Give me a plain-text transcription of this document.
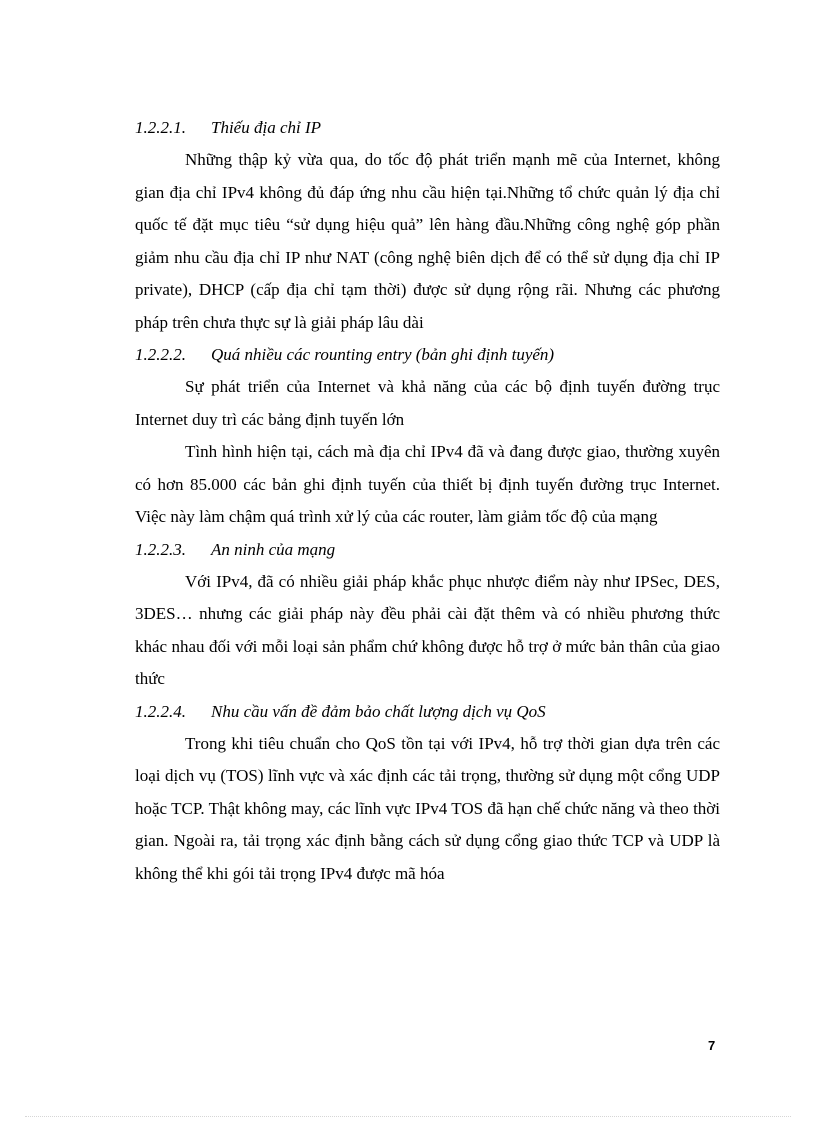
1.2.2.1. Thiếu địa chỉ IP

Những thập kỷ vừa qua, do tốc độ phát triển mạnh mẽ của Internet, không gian địa chỉ IPv4 không đủ đáp ứng nhu cầu hiện tại.Những tổ chức quản lý địa chỉ quốc tế đặt mục tiêu “sử dụng hiệu quả” lên hàng đầu.Những công nghệ góp phần giảm nhu cầu địa chỉ IP như NAT (công nghệ biên dịch để có thể sử dụng địa chỉ IP private), DHCP (cấp địa chỉ tạm thời) được sử dụng rộng rãi. Nhưng các phương pháp trên chưa thực sự là giải pháp lâu dài

1.2.2.2. Quá nhiều các rounting entry (bản ghi định tuyến)

Sự phát triển của Internet và khả năng của các bộ định tuyến đường trục Internet duy trì các bảng định tuyến lớn

Tình hình hiện tại, cách mà địa chỉ IPv4 đã và đang được giao, thường xuyên có hơn 85.000 các bản ghi định tuyến của thiết bị định tuyến đường trục Internet. Việc này làm chậm quá trình xử lý của các router, làm giảm tốc độ của mạng

1.2.2.3. An ninh của mạng

Với IPv4, đã có nhiều giải pháp khắc phục nhược điểm này như IPSec, DES, 3DES… nhưng các giải pháp này đều phải cài đặt thêm và có nhiều phương thức khác nhau đối với mỗi loại sản phẩm chứ không được hỗ trợ ở mức bản thân của giao thức

1.2.2.4. Nhu cầu vấn đề đảm bảo chất lượng dịch vụ QoS

Trong khi tiêu chuẩn cho QoS tồn tại với IPv4, hỗ trợ thời gian dựa trên các loại dịch vụ (TOS) lĩnh vực và xác định các tải trọng, thường sử dụng một cổng UDP hoặc TCP. Thật không may, các lĩnh vực IPv4 TOS đã hạn chế chức năng và theo thời gian. Ngoài ra, tải trọng xác định bằng cách sử dụng cổng giao thức TCP và UDP là không thể khi gói tải trọng IPv4 được mã hóa

7
